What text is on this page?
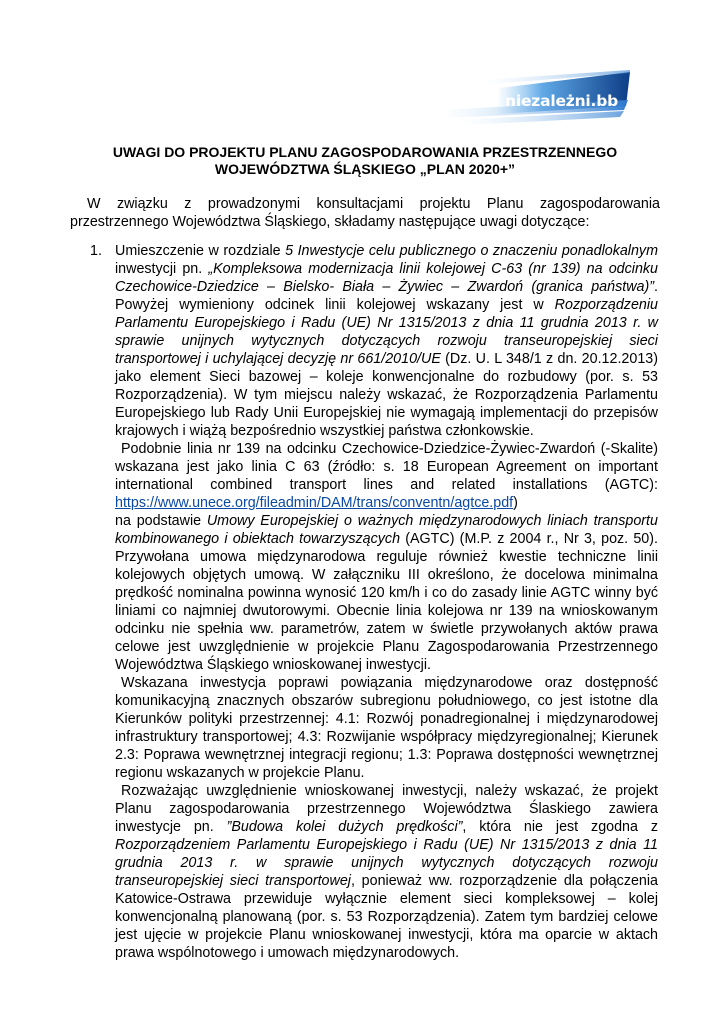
niezależni.bb
UWAGI DO PROJEKTU PLANU ZAGOSPODAROWANIA PRZESTRZENNEGO
WOJEWÓDZTWA ŚLĄSKIEGO „PLAN 2020+”

W związku z prowadzonymi konsultacjami projektu Planu zagospodarowania
przestrzennego Województwa Śląskiego, składamy następujące uwagi dotyczące:

1. Umieszczenie w rozdziale 5 Inwestycje celu publicznego o znaczeniu ponadlokalnym inwestycji pn. „Kompleksowa modernizacja linii kolejowej C-63 (nr 139) na odcinku Czechowice-Dziedzice – Bielsko- Biała – Żywiec – Zwardoń (granica państwa)”. Powyżej wymieniony odcinek linii kolejowej wskazany jest w Rozporządzeniu Parlamentu Europejskiego i Radu (UE) Nr 1315/2013 z dnia 11 grudnia 2013 r. w sprawie unijnych wytycznych dotyczących rozwoju transeuropejskiej sieci transportowej i uchylającej decyzję nr 661/2010/UE (Dz. U. L 348/1 z dn. 20.12.2013) jako element Sieci bazowej – koleje konwencjonalne do rozbudowy (por. s. 53 Rozporządzenia). W tym miejscu należy wskazać, że Rozporządzenia Parlamentu Europejskiego lub Rady Unii Europejskiej nie wymagają implementacji do przepisów krajowych i wiążą bezpośrednio wszystkiej państwa członkowskie.

Podobnie linia nr 139 na odcinku Czechowice-Dziedzice-Żywiec-Zwardoń (-Skalite) wskazana jest jako linia C 63 (źródło: s. 18 European Agreement on important international combined transport lines and related installations (AGTC): https://www.unece.org/fileadmin/DAM/trans/conventn/agtce.pdf)

na podstawie Umowy Europejskiej o ważnych międzynarodowych liniach transportu kombinowanego i obiektach towarzyszących (AGTC) (M.P. z 2004 r., Nr 3, poz. 50). Przywołana umowa międzynarodowa reguluje również kwestie techniczne linii kolejowych objętych umową. W załączniku III określono, że docelowa minimalna prędkość nominalna powinna wynosić 120 km/h i co do zasady linie AGTC winny być liniami co najmniej dwutorowymi. Obecnie linia kolejowa nr 139 na wnioskowanym odcinku nie spełnia ww. parametrów, zatem w świetle przywołanych aktów prawa celowe jest uwzględnienie w projekcie Planu Zagospodarowania Przestrzennego Województwa Śląskiego wnioskowanej inwestycji.

Wskazana inwestycja poprawi powiązania międzynarodowe oraz dostępność komunikacyjną znacznych obszarów subregionu południowego, co jest istotne dla Kierunków polityki przestrzennej: 4.1: Rozwój ponadregionalnej i międzynarodowej infrastruktury transportowej; 4.3: Rozwijanie współpracy międzyregionalnej; Kierunek 2.3: Poprawa wewnętrznej integracji regionu; 1.3: Poprawa dostępności wewnętrznej regionu wskazanych w projekcie Planu.

Rozważając uwzględnienie wnioskowanej inwestycji, należy wskazać, że projekt Planu zagospodarowania przestrzennego Województwa Ślaskiego zawiera inwestycje pn. ”Budowa kolei dużych prędkości”, która nie jest zgodna z Rozporządzeniem Parlamentu Europejskiego i Radu (UE) Nr 1315/2013 z dnia 11 grudnia 2013 r. w sprawie unijnych wytycznych dotyczących rozwoju transeuropejskiej sieci transportowej, ponieważ ww. rozporządzenie dla połączenia Katowice-Ostrawa przewiduje wyłącznie element sieci kompleksowej – kolej konwencjonalną planowaną (por. s. 53 Rozporządzenia). Zatem tym bardziej celowe jest ujęcie w projekcie Planu wnioskowanej inwestycji, która ma oparcie w aktach prawa wspólnotowego i umowach międzynarodowych.
